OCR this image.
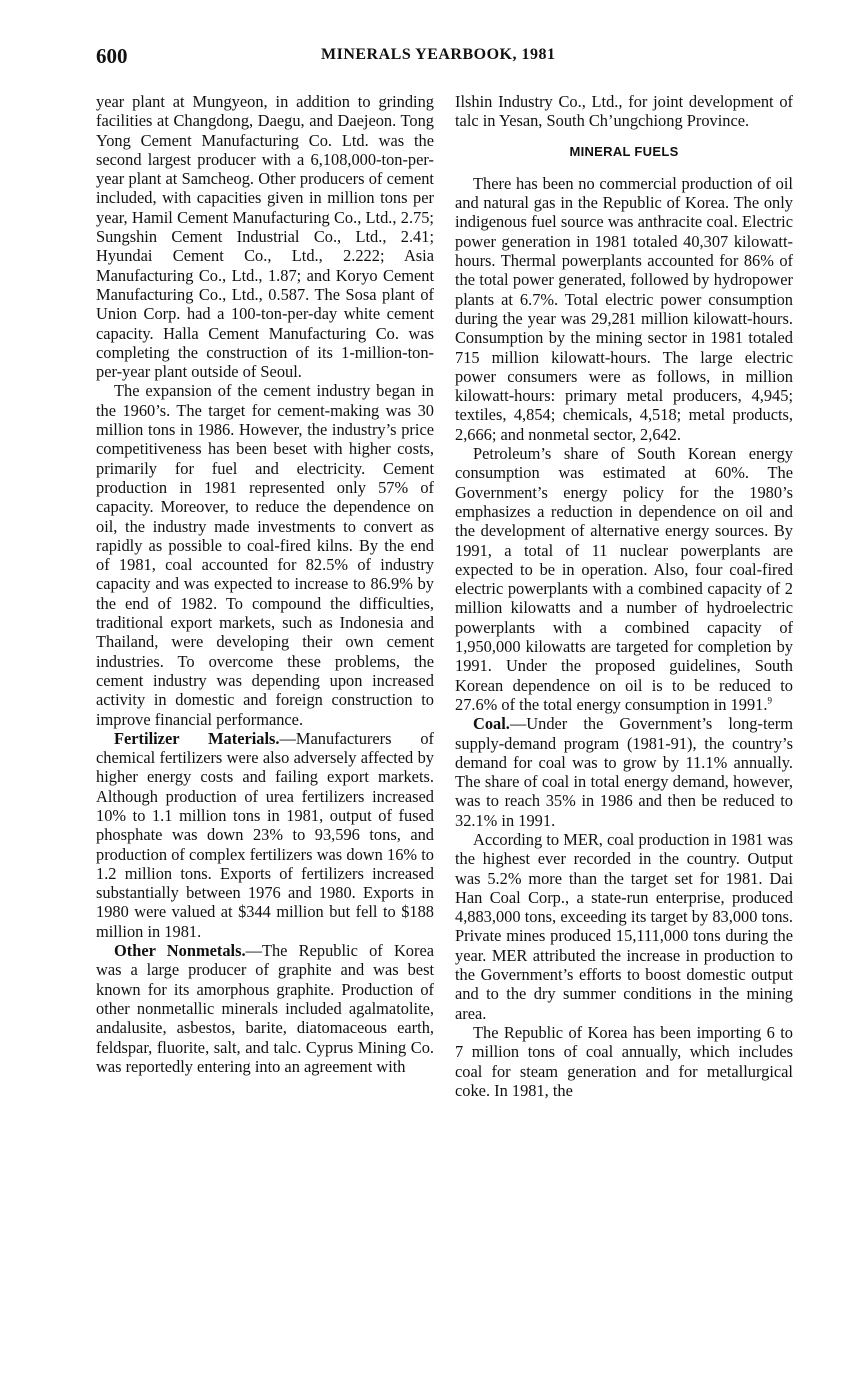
600	MINERALS YEARBOOK, 1981

year plant at Mungyeon, in addition to grinding facilities at Changdong, Daegu, and Daejeon. Tong Yong Cement Manufacturing Co. Ltd. was the second largest producer with a 6,108,000-ton-per-year plant at Samcheog. Other producers of cement included, with capacities given in million tons per year, Hamil Cement Manufacturing Co., Ltd., 2.75; Sungshin Cement Industrial Co., Ltd., 2.41; Hyundai Cement Co., Ltd., 2.222; Asia Manufacturing Co., Ltd., 1.87; and Koryo Cement Manufacturing Co., Ltd., 0.587. The Sosa plant of Union Corp. had a 100-ton-per-day white cement capacity. Halla Cement Manufacturing Co. was completing the construction of its 1-million-ton-per-year plant outside of Seoul.

The expansion of the cement industry began in the 1960’s. The target for cement-making was 30 million tons in 1986. However, the industry’s price competitiveness has been beset with higher costs, primarily for fuel and electricity. Cement production in 1981 represented only 57% of capacity. Moreover, to reduce the dependence on oil, the industry made investments to convert as rapidly as possible to coal-fired kilns. By the end of 1981, coal accounted for 82.5% of industry capacity and was expected to increase to 86.9% by the end of 1982. To compound the difficulties, traditional export markets, such as Indonesia and Thailand, were developing their own cement industries. To overcome these problems, the cement industry was depending upon increased activity in domestic and foreign construction to improve financial performance.

Fertilizer Materials.—Manufacturers of chemical fertilizers were also adversely affected by higher energy costs and failing export markets. Although production of urea fertilizers increased 10% to 1.1 million tons in 1981, output of fused phosphate was down 23% to 93,596 tons, and production of complex fertilizers was down 16% to 1.2 million tons. Exports of fertilizers increased substantially between 1976 and 1980. Exports in 1980 were valued at $344 million but fell to $188 million in 1981.

Other Nonmetals.—The Republic of Korea was a large producer of graphite and was best known for its amorphous graphite. Production of other nonmetallic minerals included agalmatolite, andalusite, asbestos, barite, diatomaceous earth, feldspar, fluorite, salt, and talc. Cyprus Mining Co. was reportedly entering into an agreement with

Ilshin Industry Co., Ltd., for joint development of talc in Yesan, South Ch’ungchiong Province.

MINERAL FUELS

There has been no commercial production of oil and natural gas in the Republic of Korea. The only indigenous fuel source was anthracite coal. Electric power generation in 1981 totaled 40,307 kilowatt-hours. Thermal powerplants accounted for 86% of the total power generated, followed by hydropower plants at 6.7%. Total electric power consumption during the year was 29,281 million kilowatt-hours. Consumption by the mining sector in 1981 totaled 715 million kilowatt-hours. The large electric power consumers were as follows, in million kilowatt-hours: primary metal producers, 4,945; textiles, 4,854; chemicals, 4,518; metal products, 2,666; and nonmetal sector, 2,642.

Petroleum’s share of South Korean energy consumption was estimated at 60%. The Government’s energy policy for the 1980’s emphasizes a reduction in dependence on oil and the development of alternative energy sources. By 1991, a total of 11 nuclear powerplants are expected to be in operation. Also, four coal-fired electric powerplants with a combined capacity of 2 million kilowatts and a number of hydroelectric powerplants with a combined capacity of 1,950,000 kilowatts are targeted for completion by 1991. Under the proposed guidelines, South Korean dependence on oil is to be reduced to 27.6% of the total energy consumption in 1991.$^9$

Coal.—Under the Government’s long-term supply-demand program (1981-91), the country’s demand for coal was to grow by 11.1% annually. The share of coal in total energy demand, however, was to reach 35% in 1986 and then be reduced to 32.1% in 1991.

According to MER, coal production in 1981 was the highest ever recorded in the country. Output was 5.2% more than the target set for 1981. Dai Han Coal Corp., a state-run enterprise, produced 4,883,000 tons, exceeding its target by 83,000 tons. Private mines produced 15,111,000 tons during the year. MER attributed the increase in production to the Government’s efforts to boost domestic output and to the dry summer conditions in the mining area.

The Republic of Korea has been importing 6 to 7 million tons of coal annually, which includes coal for steam generation and for metallurgical coke. In 1981, the
